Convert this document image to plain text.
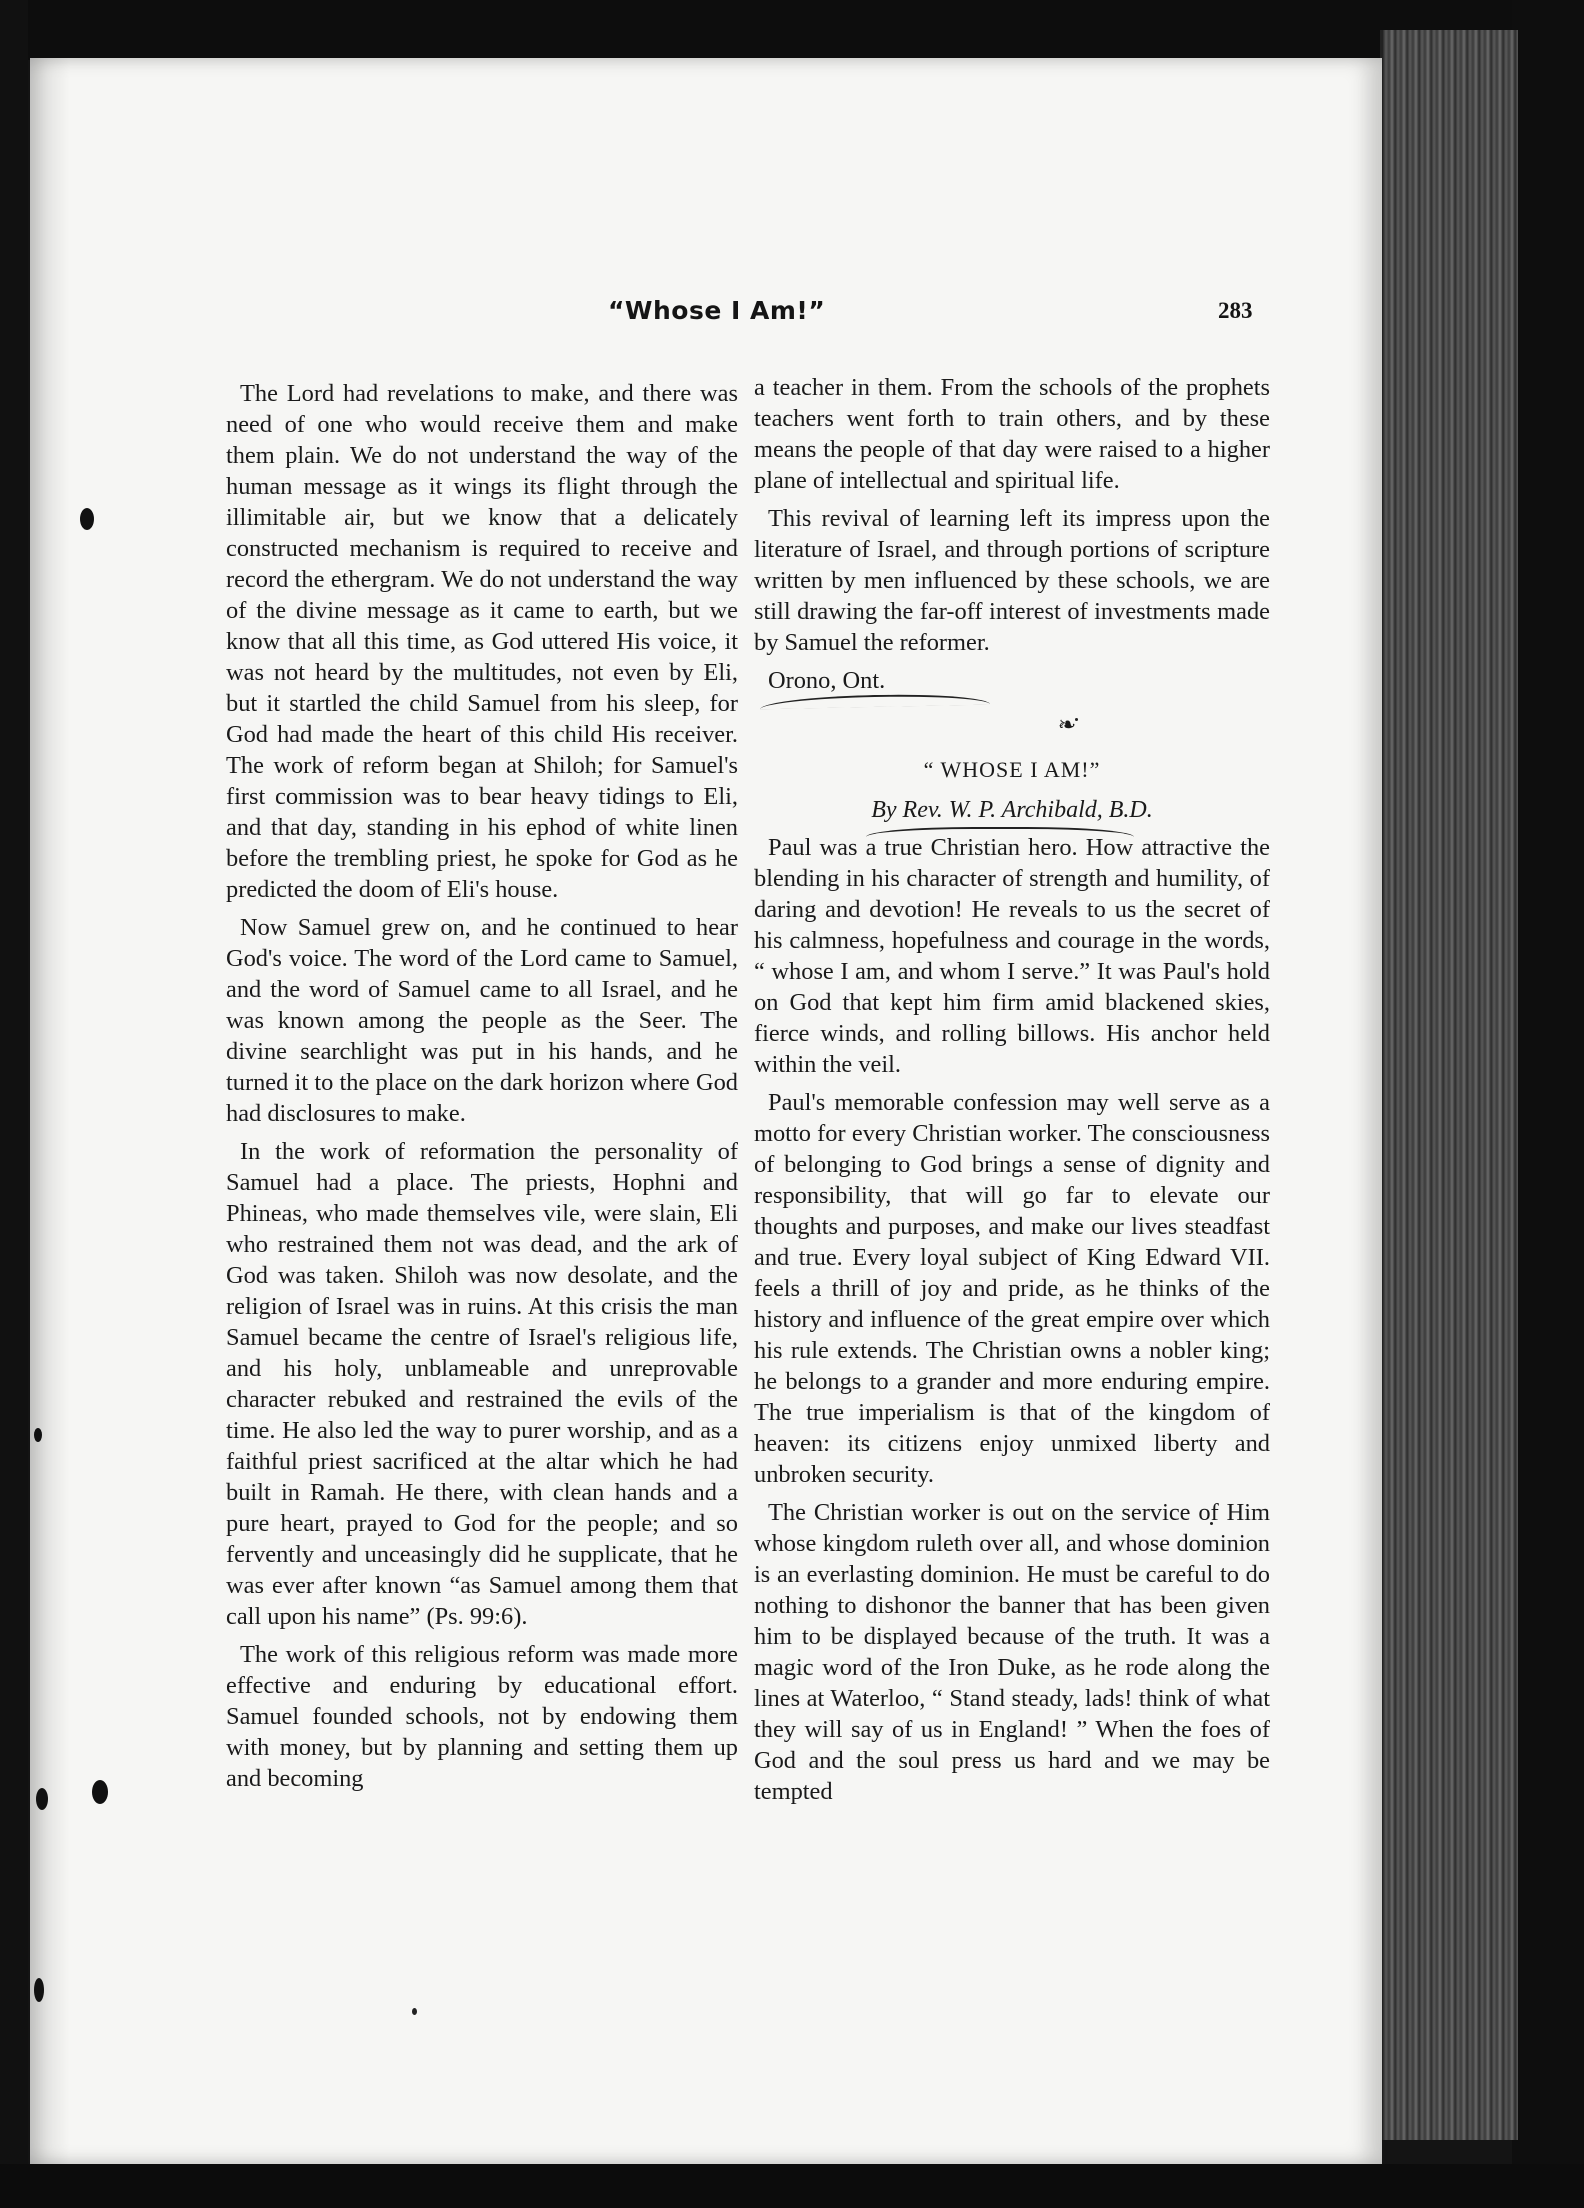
“Whose I Am!”	283

The Lord had revelations to make, and there was need of one who would receive them and make them plain. We do not understand the way of the human message as it wings its flight through the illimitable air, but we know that a delicately constructed mechanism is required to receive and record the ethergram. We do not understand the way of the divine message as it came to earth, but we know that all this time, as God uttered His voice, it was not heard by the multitudes, not even by Eli, but it startled the child Samuel from his sleep, for God had made the heart of this child His receiver. The work of reform began at Shiloh; for Samuel's first commission was to bear heavy tidings to Eli, and that day, standing in his ephod of white linen before the trembling priest, he spoke for God as he predicted the doom of Eli's house.

Now Samuel grew on, and he continued to hear God's voice. The word of the Lord came to Samuel, and the word of Samuel came to all Israel, and he was known among the people as the Seer. The divine searchlight was put in his hands, and he turned it to the place on the dark horizon where God had disclosures to make.

In the work of reformation the personality of Samuel had a place. The priests, Hophni and Phineas, who made themselves vile, were slain, Eli who restrained them not was dead, and the ark of God was taken. Shiloh was now desolate, and the religion of Israel was in ruins. At this crisis the man Samuel became the centre of Israel's religious life, and his holy, unblameable and unreprovable character rebuked and restrained the evils of the time. He also led the way to purer worship, and as a faithful priest sacrificed at the altar which he had built in Ramah. He there, with clean hands and a pure heart, prayed to God for the people; and so fervently and unceasingly did he supplicate, that he was ever after known “as Samuel among them that call upon his name” (Ps. 99:6).

The work of this religious reform was made more effective and enduring by educational effort. Samuel founded schools, not by endowing them with money, but by planning and setting them up and becoming

a teacher in them. From the schools of the prophets teachers went forth to train others, and by these means the people of that day were raised to a higher plane of intellectual and spiritual life.

This revival of learning left its impress upon the literature of Israel, and through portions of scripture written by men influenced by these schools, we are still drawing the far-off interest of investments made by Samuel the reformer.

Orono, Ont.
❧
“ WHOSE I AM!”
By Rev. W. P. Archibald, B.D.

Paul was a true Christian hero. How attractive the blending in his character of strength and humility, of daring and devotion! He reveals to us the secret of his calmness, hopefulness and courage in the words, “ whose I am, and whom I serve.” It was Paul's hold on God that kept him firm amid blackened skies, fierce winds, and rolling billows. His anchor held within the veil.

Paul's memorable confession may well serve as a motto for every Christian worker. The consciousness of belonging to God brings a sense of dignity and responsibility, that will go far to elevate our thoughts and purposes, and make our lives steadfast and true. Every loyal subject of King Edward VII. feels a thrill of joy and pride, as he thinks of the history and influence of the great empire over which his rule extends. The Christian owns a nobler king; he belongs to a grander and more enduring empire. The true imperialism is that of the kingdom of heaven: its citizens enjoy unmixed liberty and unbroken security.

The Christian worker is out on the service of Him whose kingdom ruleth over all, and whose dominion is an everlasting dominion. He must be careful to do nothing to dishonor the banner that has been given him to be displayed because of the truth. It was a magic word of the Iron Duke, as he rode along the lines at Waterloo, “ Stand steady, lads! think of what they will say of us in England! ” When the foes of God and the soul press us hard and we may be tempted
